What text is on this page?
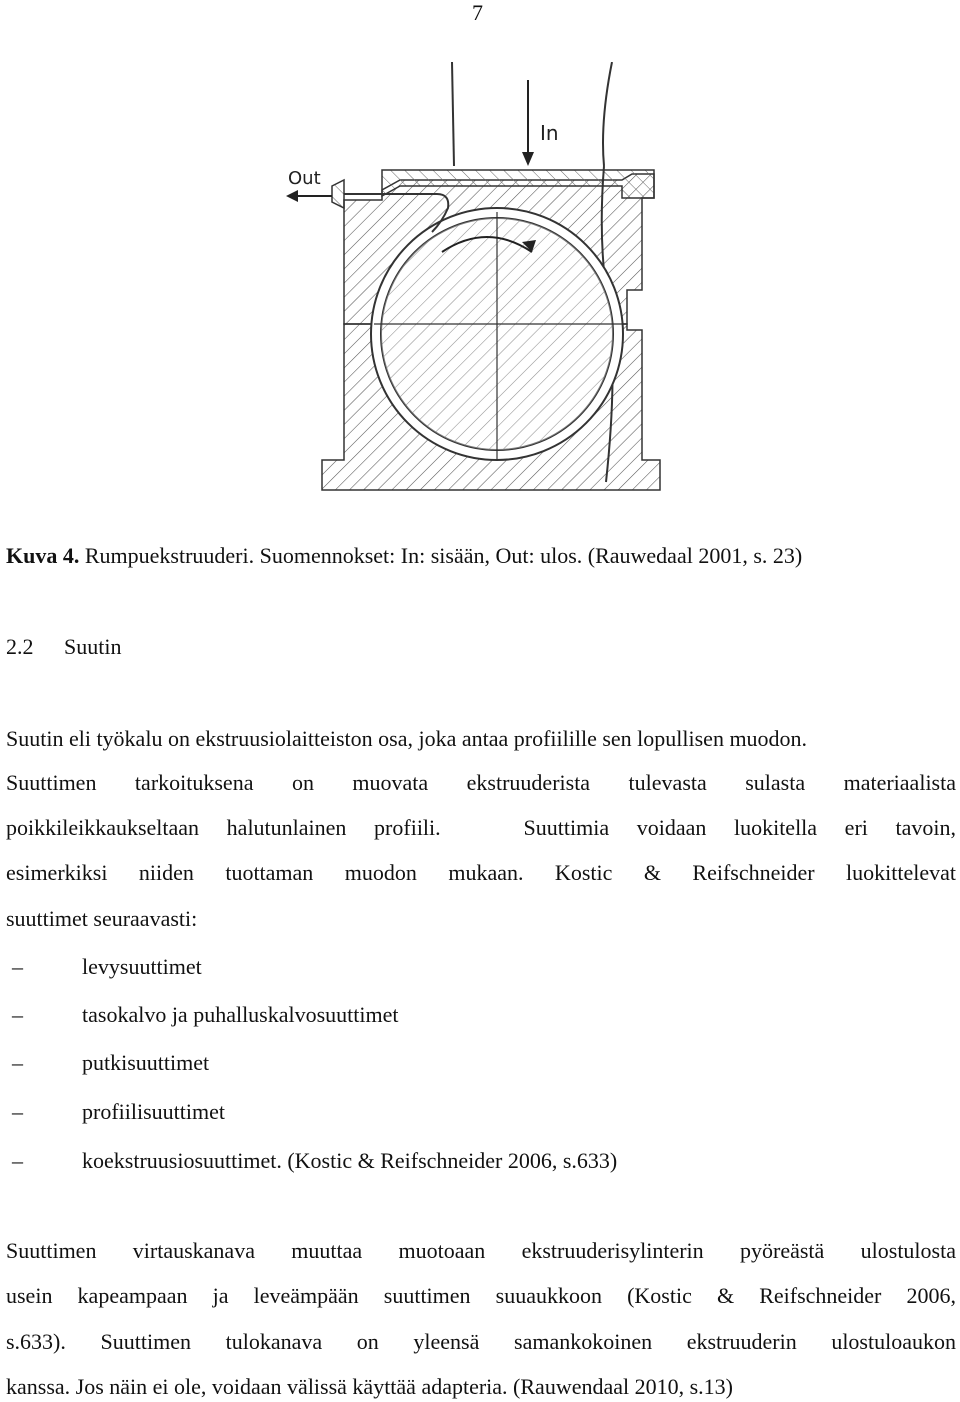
7
In
Out
Kuva 4. Rumpuekstruuderi. Suomennokset: In: sisään, Out: ulos. (Rauwedaal 2001, s. 23)
2.2 Suutin
Suutin eli työkalu on ekstruusiolaitteiston osa, joka antaa profiilille sen lopullisen muodon.
Suuttimen tarkoituksena on muovata ekstruuderista tulevasta sulasta materiaalista
poikkileikkaukseltaan halutunlainen profiili.   Suuttimia voidaan luokitella eri tavoin,
esimerkiksi niiden tuottaman muodon mukaan. Kostic & Reifschneider luokittelevat
suuttimet seuraavasti:
–	levysuuttimet
–	tasokalvo ja puhalluskalvosuuttimet
–	putkisuuttimet
–	profiilisuuttimet
–	koekstruusiosuuttimet. (Kostic & Reifschneider 2006, s.633)
Suuttimen virtauskanava muuttaa muotoaan ekstruuderisylinterin pyöreästä ulostulosta
usein kapeampaan ja leveämpään suuttimen suuaukkoon (Kostic & Reifschneider 2006,
s.633). Suuttimen tulokanava on yleensä samankokoinen ekstruuderin ulostuloaukon
kanssa. Jos näin ei ole, voidaan välissä käyttää adapteria. (Rauwendaal 2010, s.13)
